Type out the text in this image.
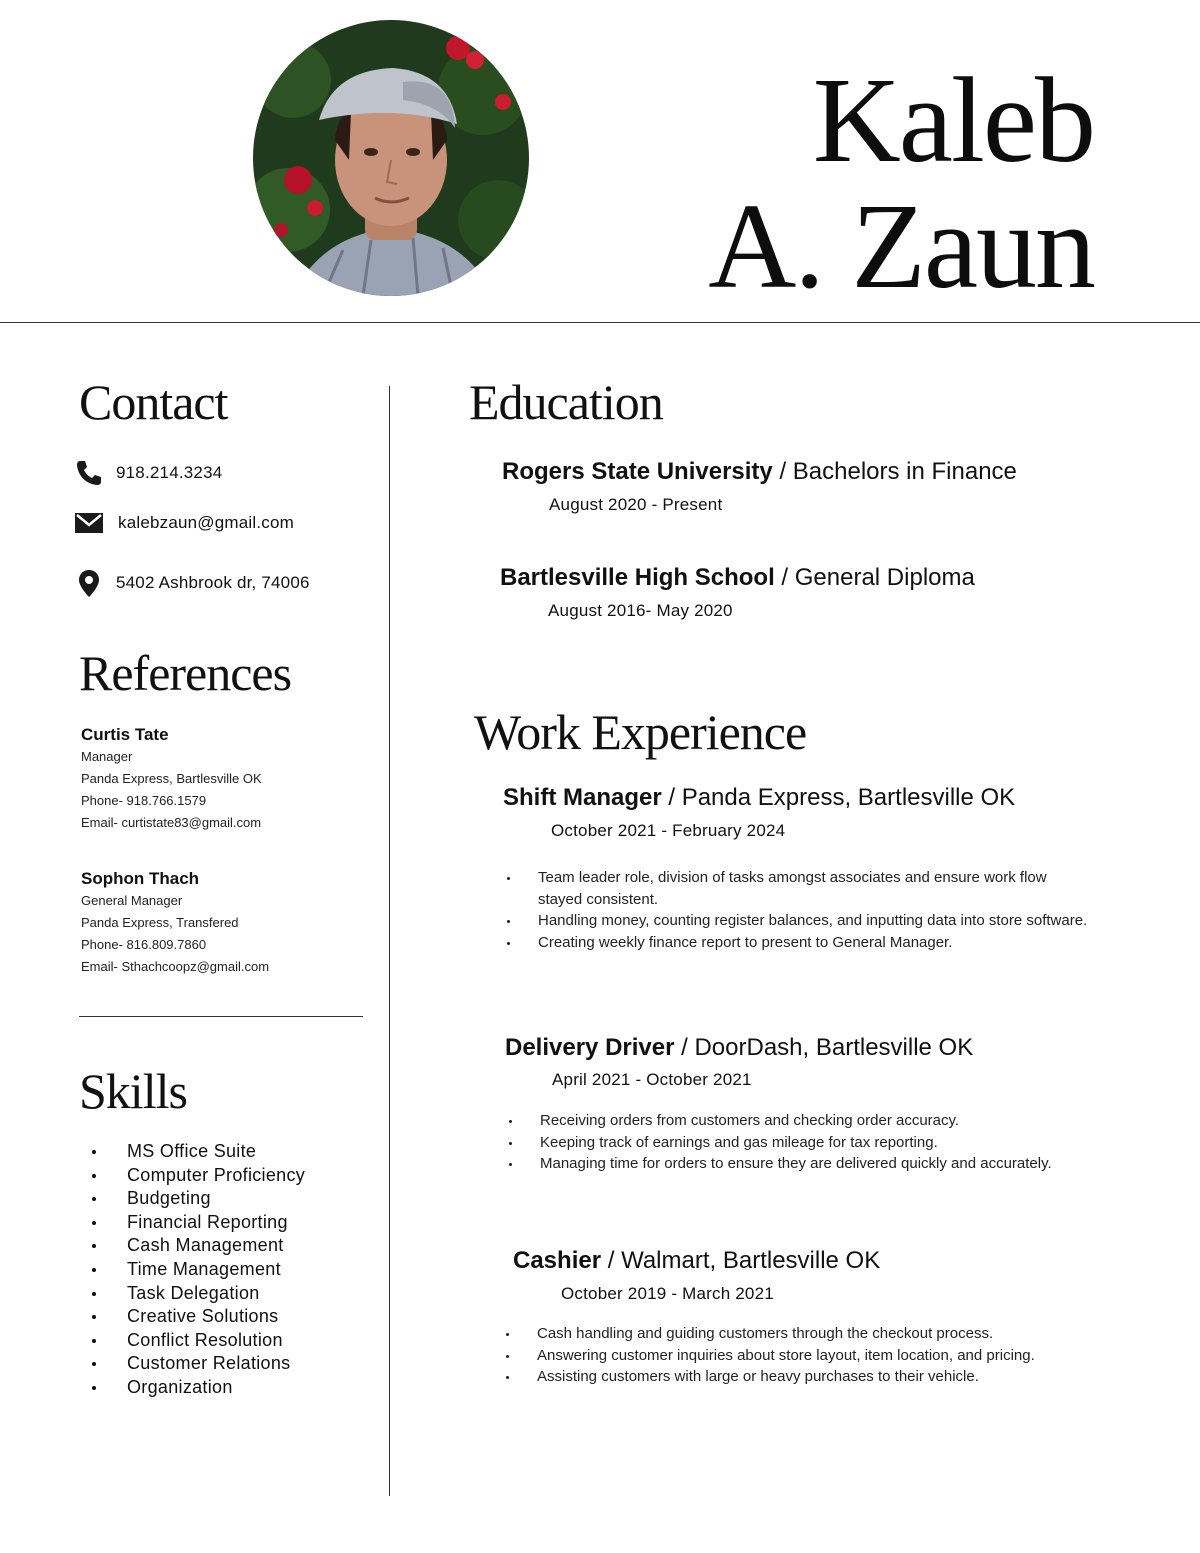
Kaleb
A. Zaun
Contact
918.214.3234
kalebzaun@gmail.com
5402 Ashbrook dr, 74006
References
Curtis Tate
Manager
Panda Express, Bartlesville OK
Phone- 918.766.1579
Email- curtistate83@gmail.com
Sophon Thach
General Manager
Panda Express, Transfered
Phone- 816.809.7860
Email- Sthachcoopz@gmail.com
Skills
MS Office Suite
Computer Proficiency
Budgeting
Financial Reporting
Cash Management
Time Management
Task Delegation
Creative Solutions
Conflict Resolution
Customer Relations
Organization
Education
Rogers State University / Bachelors in Finance
August 2020 - Present
Bartlesville High School / General Diploma
August 2016- May 2020
Work Experience
Shift Manager / Panda Express, Bartlesville OK
October 2021 - February 2024
Team leader role, division of tasks amongst associates and ensure work flow stayed consistent.
Handling money, counting register balances, and inputting data into store software.
Creating weekly finance report to present to General Manager.
Delivery Driver / DoorDash, Bartlesville OK
April 2021 - October 2021
Receiving orders from customers and checking order accuracy.
Keeping track of earnings and gas mileage for tax reporting.
Managing time for orders to ensure they are delivered quickly and accurately.
Cashier / Walmart, Bartlesville OK
October 2019 - March 2021
Cash handling and guiding customers through the checkout process.
Answering customer inquiries about store layout, item location, and pricing.
Assisting customers with large or heavy purchases to their vehicle.
